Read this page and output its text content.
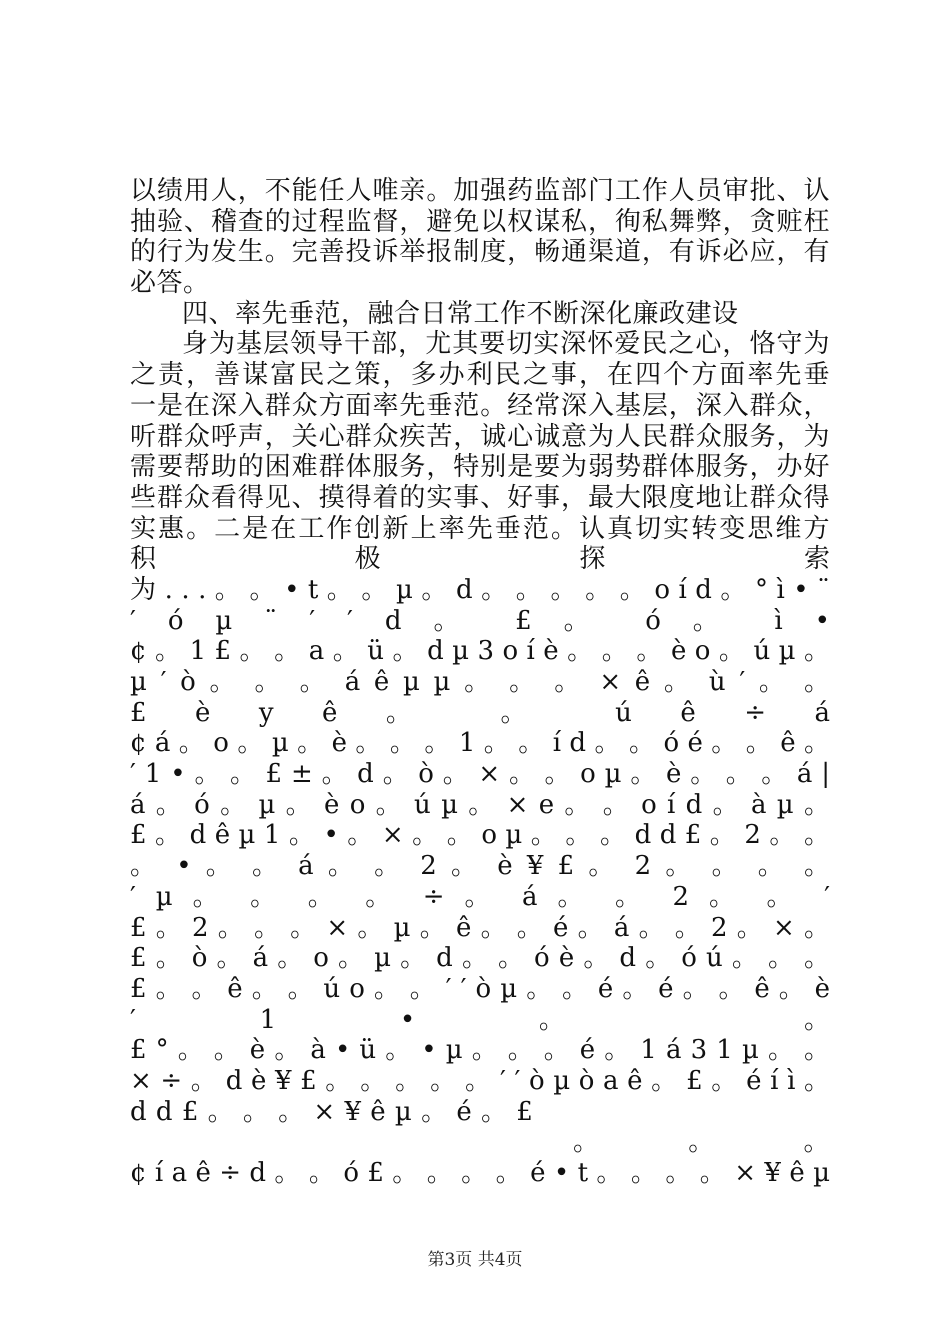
以绩用人，不能任人唯亲。加强药监部门工作人员审批、认
抽验、稽查的过程监督，避免以权谋私，徇私舞弊，贪赃枉
的行为发生。完善投诉举报制度，畅通渠道，有诉必应，有
必答。
四、率先垂范，融合日常工作不断深化廉政建设
身为基层领导干部，尤其要切实深怀爱民之心，恪守为
之责，善谋富民之策，多办利民之事，在四个方面率先垂
一是在深入群众方面率先垂范。经常深入基层，深入群众，
听群众呼声，关心群众疾苦，诚心诚意为人民群众服务，为
需要帮助的困难群体服务，特别是要为弱势群体服务，办好
些群众看得见、摸得着的实事、好事，最大限度地让群众得
实惠。二是在工作创新上率先垂范。认真切实转变思维方
积 极 探 索
为 . . . 。 。 • t 。 。 µ 。 d 。 。 。 。 。 o í d 。 ° ì • ¨
′ ó µ ¨ ′ ′ d 。 £ 。 ó 。 ì •
¢ 。 1 £ 。 。 a 。 ü 。 d µ 3 o í è 。 。 。 è o 。 ú µ 。
µ ′ ò 。 。 。 á ê µ µ 。 。 。 × ê 。 ù ′ 。 。
£ è y ê 。 。 ú ê ÷ á
¢ á 。 o 。 µ 。 è 。 。 。 1 。 。 í d 。 。 ó é 。 。 ê 。
′ 1 • 。 。 £ ± 。 d 。 ò 。 × 。 。 o µ 。 è 。 。 。 á |
á 。 ó 。 µ 。 è o 。 ú µ 。 × e 。 。 o í d 。 à µ 。
£ 。 d ê µ 1 。 • 。 × 。 。 o µ 。 。 。 d d £ 。 2 。 。
。 • 。 。 á 。 。 2 。 è ¥ £ 。 2 。 。 。 。
′ µ 。 。 。 。 ÷ 。 á 。 。 2 。 。 ′
£ 。 2 。 。 。 × 。 µ 。 ê 。 。 é 。 á 。 。 2 。 × 。
£ 。 ò 。 á 。 o 。 µ 。 d 。 。 ó è 。 d 。 ó ú 。 。 。
£ 。 。 ê 。 。 ú o 。 。 ′ ′ ò µ 。 。 é 。 é 。 。 ê 。 è
′ 1 • 。 。
£ ° 。 。 è 。 à • ü 。 • µ 。 。 。 é 。 1 á 3 1 µ 。 。
× ÷ 。 d è ¥ £ 。 。 。 。 。 ′ ′ ò µ ò a ê 。 £ 。 é í ì 。
d d £ 。 。 。 × ¥ ê µ 。 é 。 £
。 。 。
¢ í a ê ÷ d 。 。 ó £ 。 。 。 。 é • t 。 。 。 。 × ¥ ê µ
第3页 共4页
